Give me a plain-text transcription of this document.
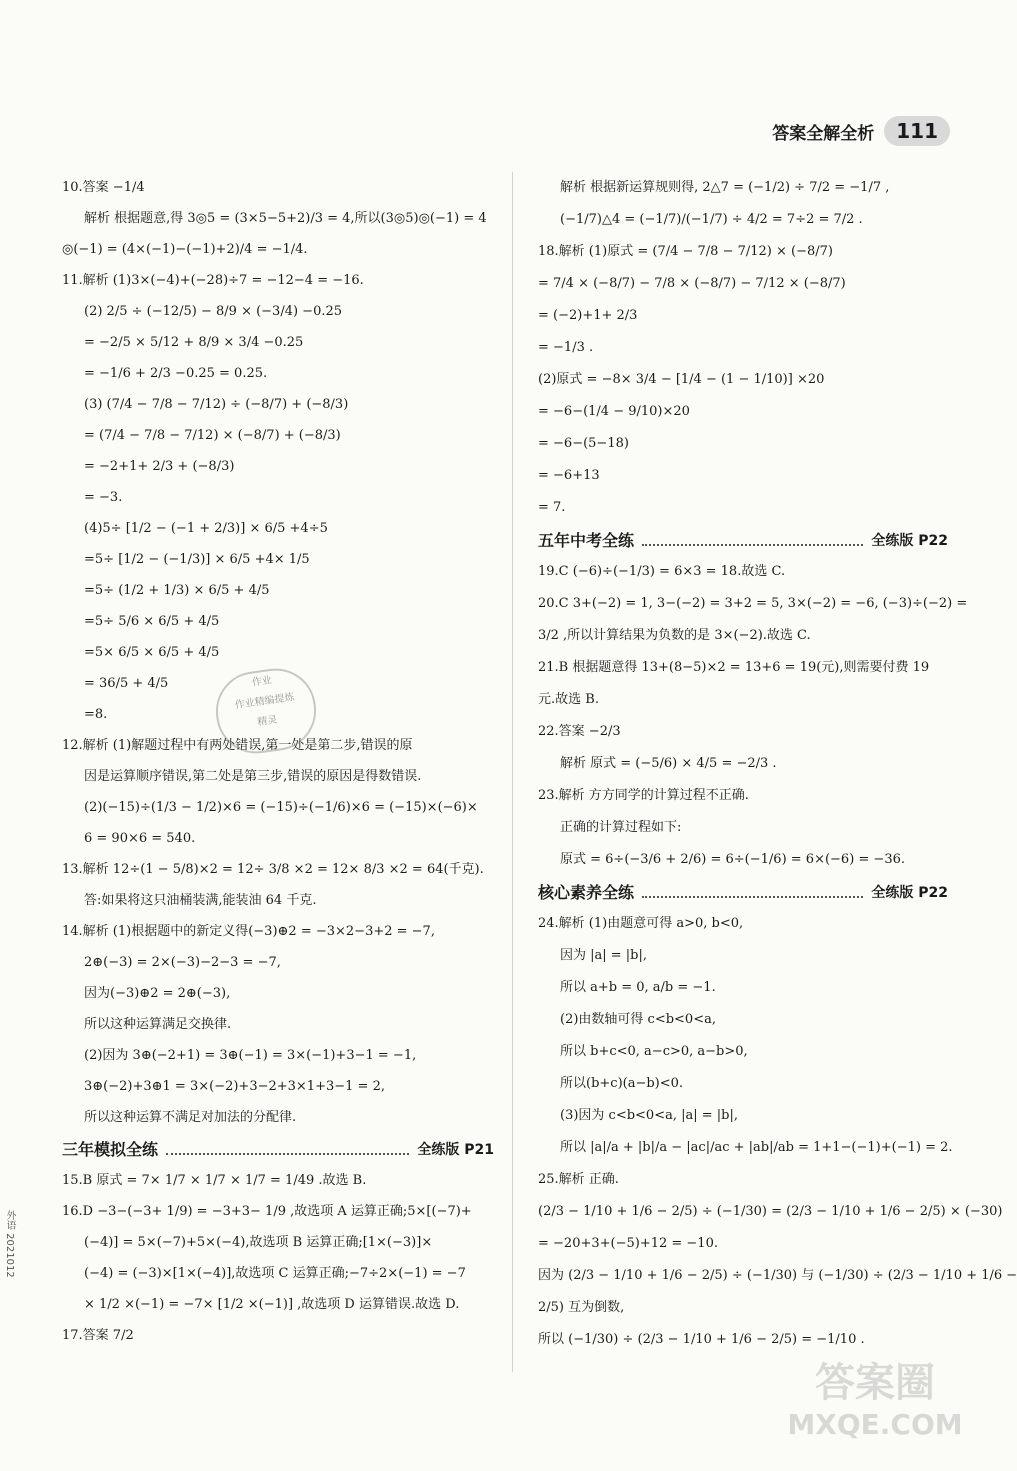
答案全解全析	111

10.答案 −1/4

解析 根据题意,得 3◎5 = (3×5−5+2)/3 = 4,所以(3◎5)◎(−1) = 4

◎(−1) = (4×(−1)−(−1)+2)/4 = −1/4.

11.解析 (1)3×(−4)+(−28)÷7 = −12−4 = −16.

(2) 2/5 ÷ (−12/5) − 8/9 × (−3/4) −0.25

= −2/5 × 5/12 + 8/9 × 3/4 −0.25

= −1/6 + 2/3 −0.25 = 0.25.

(3) (7/4 − 7/8 − 7/12) ÷ (−8/7) + (−8/3)

= (7/4 − 7/8 − 7/12) × (−8/7) + (−8/3)

= −2+1+ 2/3 + (−8/3)

= −3.

(4)5÷ [1/2 − (−1 + 2/3)] × 6/5 +4÷5

=5÷ [1/2 − (−1/3)] × 6/5 +4× 1/5

=5÷ (1/2 + 1/3) × 6/5 + 4/5

=5÷ 5/6 × 6/5 + 4/5

=5× 6/5 × 6/5 + 4/5

= 36/5 + 4/5

=8.

12.解析 (1)解题过程中有两处错误,第一处是第二步,错误的原

因是运算顺序错误,第二处是第三步,错误的原因是得数错误.

(2)(−15)÷(1/3 − 1/2)×6 = (−15)÷(−1/6)×6 = (−15)×(−6)×

6 = 90×6 = 540.

13.解析 12÷(1 − 5/8)×2 = 12÷ 3/8 ×2 = 12× 8/3 ×2 = 64(千克).

答:如果将这只油桶装满,能装油 64 千克.

14.解析 (1)根据题中的新定义得(−3)⊕2 = −3×2−3+2 = −7,

2⊕(−3) = 2×(−3)−2−3 = −7,

因为(−3)⊕2 = 2⊕(−3),

所以这种运算满足交换律.

(2)因为 3⊕(−2+1) = 3⊕(−1) = 3×(−1)+3−1 = −1,

3⊕(−2)+3⊕1 = 3×(−2)+3−2+3×1+3−1 = 2,

所以这种运算不满足对加法的分配律.

三年模拟全练	全练版 P21

15.B 原式 = 7× 1/7 × 1/7 × 1/7 = 1/49 .故选 B.

16.D −3−(−3+ 1/9) = −3+3− 1/9 ,故选项 A 运算正确;5×[(−7)+

(−4)] = 5×(−7)+5×(−4),故选项 B 运算正确;[1×(−3)]×

(−4) = (−3)×[1×(−4)],故选项 C 运算正确;−7÷2×(−1) = −7

× 1/2 ×(−1) = −7× [1/2 ×(−1)] ,故选项 D 运算错误.故选 D.

17.答案 7/2

解析 根据新运算规则得, 2△7 = (−1/2) ÷ 7/2 = −1/7 ,

(−1/7)△4 = (−1/7)/(−1/7) ÷ 4/2 = 7÷2 = 7/2 .

18.解析 (1)原式 = (7/4 − 7/8 − 7/12) × (−8/7)

= 7/4 × (−8/7) − 7/8 × (−8/7) − 7/12 × (−8/7)

= (−2)+1+ 2/3

= −1/3 .

(2)原式 = −8× 3/4 − [1/4 − (1 − 1/10)] ×20

= −6−(1/4 − 9/10)×20

= −6−(5−18)

= −6+13

= 7.

五年中考全练	全练版 P22

19.C (−6)÷(−1/3) = 6×3 = 18.故选 C.

20.C 3+(−2) = 1, 3−(−2) = 3+2 = 5, 3×(−2) = −6, (−3)÷(−2) =

3/2 ,所以计算结果为负数的是 3×(−2).故选 C.

21.B 根据题意得 13+(8−5)×2 = 13+6 = 19(元),则需要付费 19

元.故选 B.

22.答案 −2/3

解析 原式 = (−5/6) × 4/5 = −2/3 .

23.解析 方方同学的计算过程不正确.

正确的计算过程如下:

原式 = 6÷(−3/6 + 2/6) = 6÷(−1/6) = 6×(−6) = −36.

核心素养全练	全练版 P22

24.解析 (1)由题意可得 a>0, b<0,

因为 |a| = |b|,

所以 a+b = 0, a/b = −1.

(2)由数轴可得 c<b<0<a,

所以 b+c<0, a−c>0, a−b>0,

所以(b+c)(a−b)<0.

(3)因为 c<b<0<a, |a| = |b|,

所以 |a|/a + |b|/a − |ac|/ac + |ab|/ab = 1+1−(−1)+(−1) = 2.

25.解析 正确.

(2/3 − 1/10 + 1/6 − 2/5) ÷ (−1/30) = (2/3 − 1/10 + 1/6 − 2/5) × (−30)

= −20+3+(−5)+12 = −10.

因为 (2/3 − 1/10 + 1/6 − 2/5) ÷ (−1/30) 与 (−1/30) ÷ (2/3 − 1/10 + 1/6 −

2/5) 互为倒数,

所以 (−1/30) ÷ (2/3 − 1/10 + 1/6 − 2/5) = −1/10 .

作业
作业精编提炼
精灵
外语 2021012
答案圈
MXQE.COM
